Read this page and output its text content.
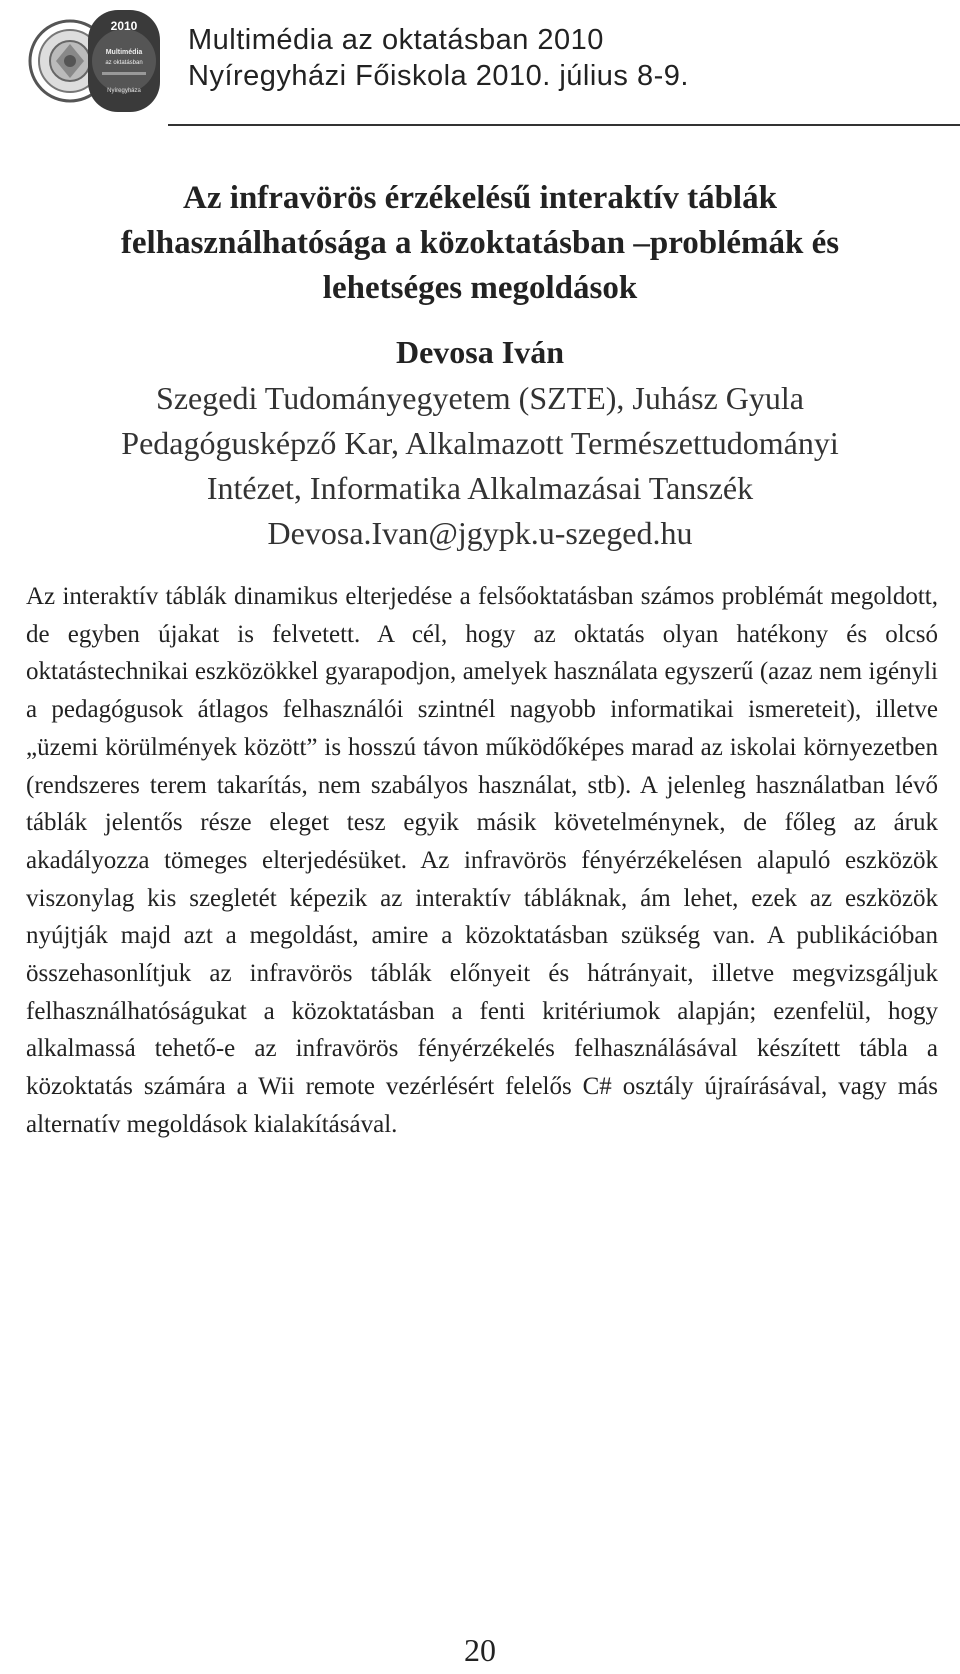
2010
Multimédia
az oktatásban
Nyíregyháza
Multimédia az oktatásban 2010
Nyíregyházi Főiskola 2010. július 8-9.
Az infravörös érzékelésű interaktív táblák
felhasználhatósága a közoktatásban –problémák és
lehetséges megoldások
Devosa Iván
Szegedi Tudományegyetem (SZTE), Juhász Gyula
Pedagógusképző Kar, Alkalmazott Természettudományi
Intézet, Informatika Alkalmazásai Tanszék
Devosa.Ivan@jgypk.u-szeged.hu

Az interaktív táblák dinamikus elterjedése a felsőoktatásban számos problémát megoldott, de egyben újakat is felvetett. A cél, hogy az oktatás olyan hatékony és olcsó oktatástechnikai eszközökkel gyarapodjon, amelyek használata egyszerű (azaz nem igényli a pedagógusok átlagos felhasználói szintnél nagyobb informatikai ismereteit), illetve „üzemi körülmények között” is hosszú távon működőképes marad az iskolai környezetben (rendszeres terem takarítás, nem szabályos használat, stb). A jelenleg használatban lévő táblák jelentős része eleget tesz egyik másik követelménynek, de főleg az áruk akadályozza tömeges elterjedésüket. Az infravörös fényérzékelésen alapuló eszközök viszonylag kis szegletét képezik az interaktív tábláknak, ám lehet, ezek az eszközök nyújtják majd azt a megoldást, amire a közoktatásban szükség van. A publikációban összehasonlítjuk az infravörös táblák előnyeit és hátrányait, illetve megvizsgáljuk felhasználhatóságukat a közoktatásban a fenti kritériumok alapján; ezenfelül, hogy alkalmassá tehető-e az infravörös fényérzékelés felhasználásával készített tábla a közoktatás számára a Wii remote vezérlésért felelős C# osztály újraírásával, vagy más alternatív megoldások kialakításával.

20
